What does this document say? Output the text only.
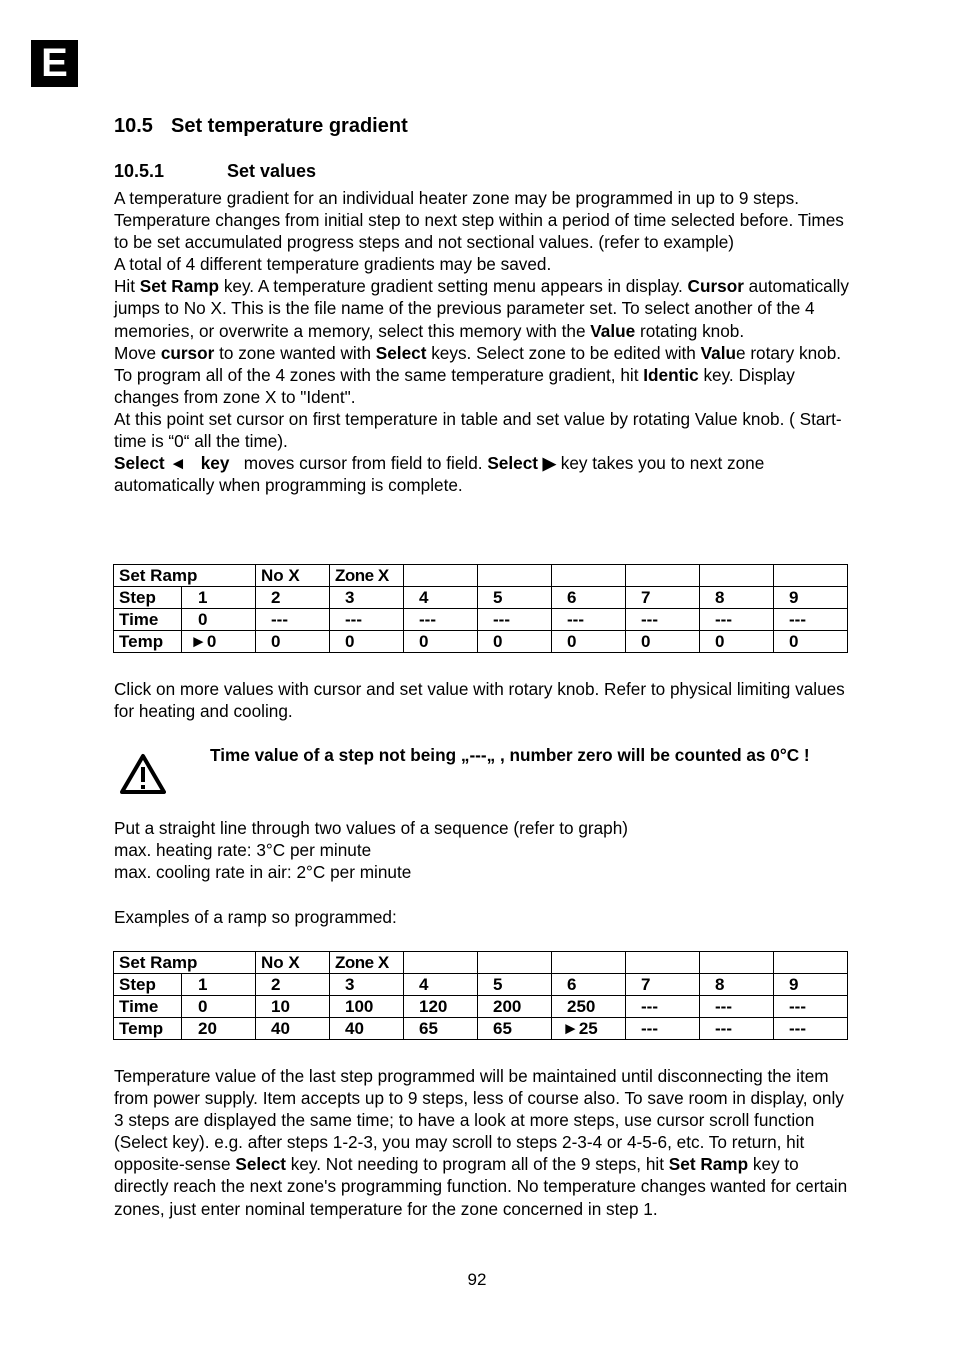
E
10.5 Set temperature gradient
10.5.1	Set values

A temperature gradient for an individual heater zone may be programmed in up to 9 steps. Temperature changes from initial step to next step within a period of time selected before. Times to be set accumulated progress steps and not sectional values. (refer to example)

A total of 4 different temperature gradients may be saved.

Hit Set Ramp key. A temperature gradient setting menu appears in display. Cursor automatically jumps to No X. This is the file name of the previous parameter set. To select another of the 4 memories, or overwrite a memory, select this memory with the Value rotating knob.

Move cursor to zone wanted with Select keys. Select zone to be edited with Value rotary knob. To program all of the 4 zones with the same temperature gradient, hit Identic key. Display changes from zone X to "Ident".

At this point set cursor on first temperature in table and set value by rotating Value knob. ( Start-time is “0“ all the time).

Select ◄   key   moves cursor from field to field. Select ▶ key takes you to next zone automatically when programming is complete.

Set Ramp		No X	Zone X						
Step	1	2	3	4	5	6	7	8	9
Time	0	---	---	---	---	---	---	---	---
Temp	►0	0	0	0	0	0	0	0	0
Click on more values with cursor and set value with rotary knob. Refer to physical limiting values for heating and cooling.
Time value of a step not being „---„ , number zero will be counted as 0°C !

Put a straight line through two values of a sequence (refer to graph)

max. heating rate: 3°C per minute

max. cooling rate in air: 2°C per minute

Examples of a ramp so programmed:
Set Ramp		No X	Zone X						
Step	1	2	3	4	5	6	7	8	9
Time	0	10	100	120	200	250	---	---	---
Temp	20	40	40	65	65	►25	---	---	---
Temperature value of the last step programmed will be maintained until disconnecting the item from power supply. Item accepts up to 9 steps, less of course also. To save room in display, only 3 steps are displayed the same time; to have a look at more steps, use cursor scroll function (Select key). e.g. after steps 1-2-3, you may scroll to steps 2-3-4 or 4-5-6, etc. To return, hit opposite-sense Select key. Not needing to program all of the 9 steps, hit Set Ramp key to directly reach the next zone's programming function. No temperature changes wanted for certain zones, just enter nominal temperature for the zone concerned in step 1.
92
